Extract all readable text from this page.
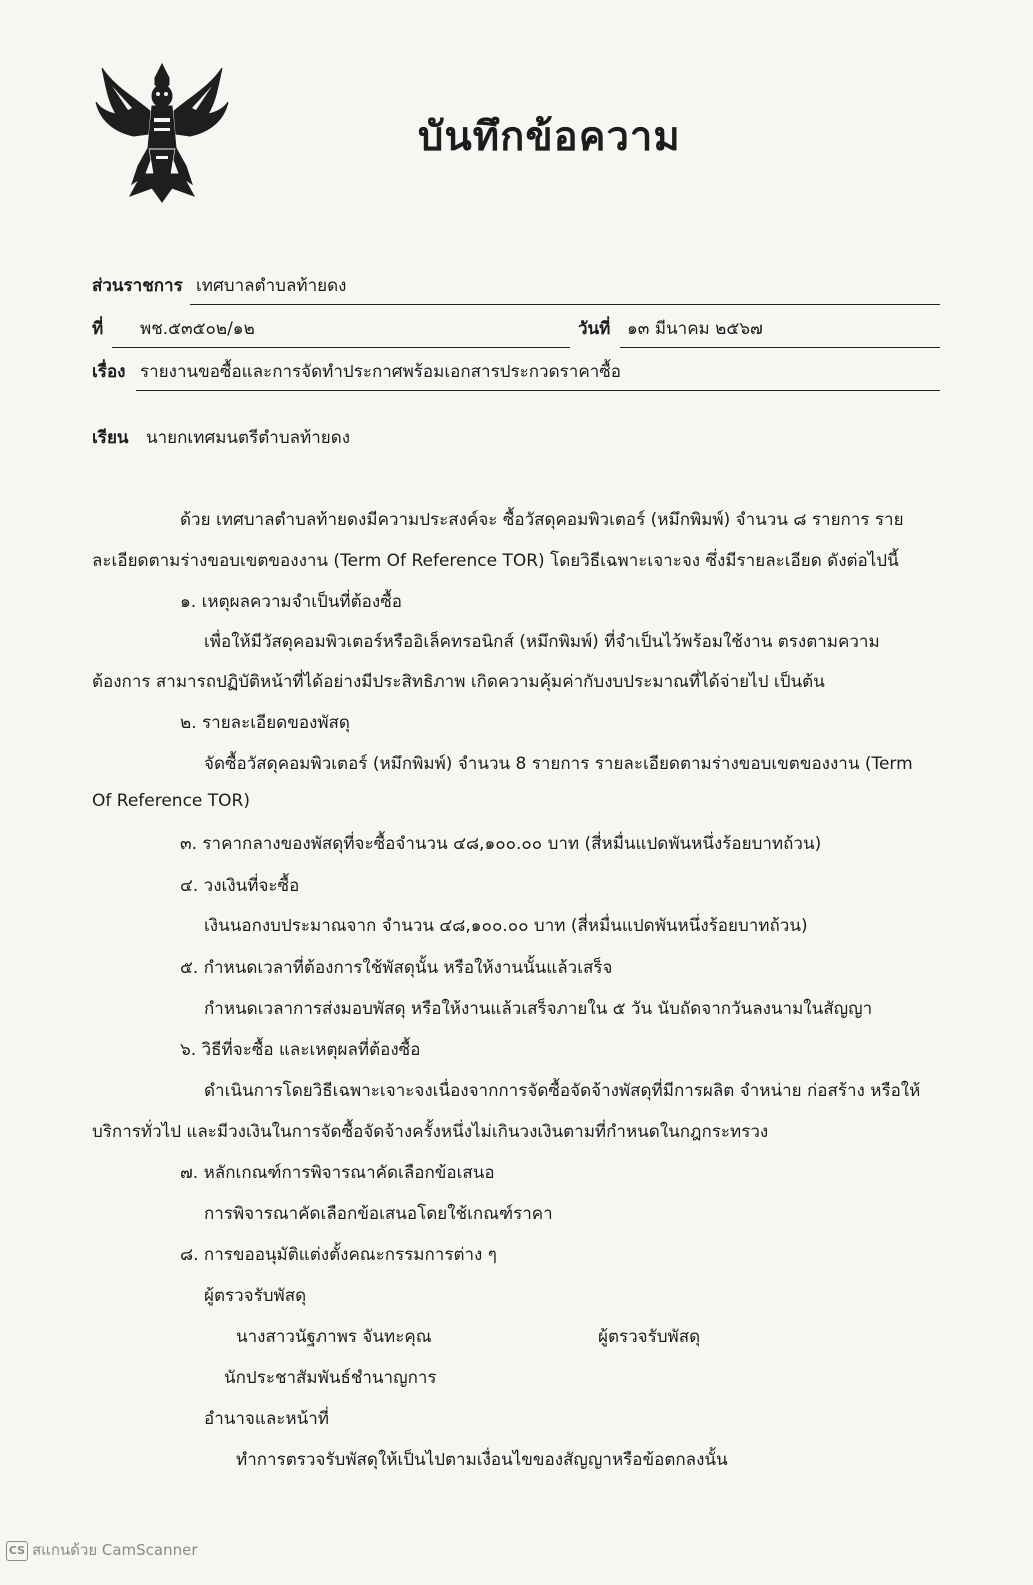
บันทึกข้อความ
ส่วนราชการ เทศบาลตำบลท้ายดง
ที่ พช.๕๓๕๐๒/๑๒	วันที่ ๑๓ มีนาคม ๒๕๖๗
เรื่อง รายงานขอซื้อและการจัดทำประกาศพร้อมเอกสารประกวดราคาซื้อ
เรียน นายกเทศมนตรีตำบลท้ายดง
ด้วย เทศบาลตำบลท้ายดงมีความประสงค์จะ ซื้อวัสดุคอมพิวเตอร์ (หมึกพิมพ์) จำนวน ๘ รายการ ราย
ละเอียดตามร่างขอบเขตของงาน (Term Of Reference TOR) โดยวิธีเฉพาะเจาะจง ซึ่งมีรายละเอียด ดังต่อไปนี้
๑. เหตุผลความจำเป็นที่ต้องซื้อ
เพื่อให้มีวัสดุคอมพิวเตอร์หรืออิเล็คทรอนิกส์ (หมึกพิมพ์) ที่จำเป็นไว้พร้อมใช้งาน ตรงตามความ
ต้องการ สามารถปฏิบัติหน้าที่ได้อย่างมีประสิทธิภาพ เกิดความคุ้มค่ากับงบประมาณที่ได้จ่ายไป เป็นต้น
๒. รายละเอียดของพัสดุ
จัดซื้อวัสดุคอมพิวเตอร์ (หมึกพิมพ์) จำนวน 8 รายการ รายละเอียดตามร่างขอบเขตของงาน (Term
Of Reference TOR)
๓. ราคากลางของพัสดุที่จะซื้อจำนวน ๔๘,๑๐๐.๐๐ บาท (สี่หมื่นแปดพันหนึ่งร้อยบาทถ้วน)
๔. วงเงินที่จะซื้อ
เงินนอกงบประมาณจาก จำนวน ๔๘,๑๐๐.๐๐ บาท (สี่หมื่นแปดพันหนึ่งร้อยบาทถ้วน)
๕. กำหนดเวลาที่ต้องการใช้พัสดุนั้น หรือให้งานนั้นแล้วเสร็จ
กำหนดเวลาการส่งมอบพัสดุ หรือให้งานแล้วเสร็จภายใน ๕ วัน นับถัดจากวันลงนามในสัญญา
๖. วิธีที่จะซื้อ และเหตุผลที่ต้องซื้อ
ดำเนินการโดยวิธีเฉพาะเจาะจงเนื่องจากการจัดซื้อจัดจ้างพัสดุที่มีการผลิต จำหน่าย ก่อสร้าง หรือให้
บริการทั่วไป และมีวงเงินในการจัดซื้อจัดจ้างครั้งหนึ่งไม่เกินวงเงินตามที่กำหนดในกฎกระทรวง
๗. หลักเกณฑ์การพิจารณาคัดเลือกข้อเสนอ
การพิจารณาคัดเลือกข้อเสนอโดยใช้เกณฑ์ราคา
๘. การขออนุมัติแต่งตั้งคณะกรรมการต่าง ๆ
ผู้ตรวจรับพัสดุ
นางสาวนัฐภาพร จันทะคุณ	ผู้ตรวจรับพัสดุ
นักประชาสัมพันธ์ชำนาญการ
อำนาจและหน้าที่
ทำการตรวจรับพัสดุให้เป็นไปตามเงื่อนไขของสัญญาหรือข้อตกลงนั้น
CS สแกนด้วย CamScanner
